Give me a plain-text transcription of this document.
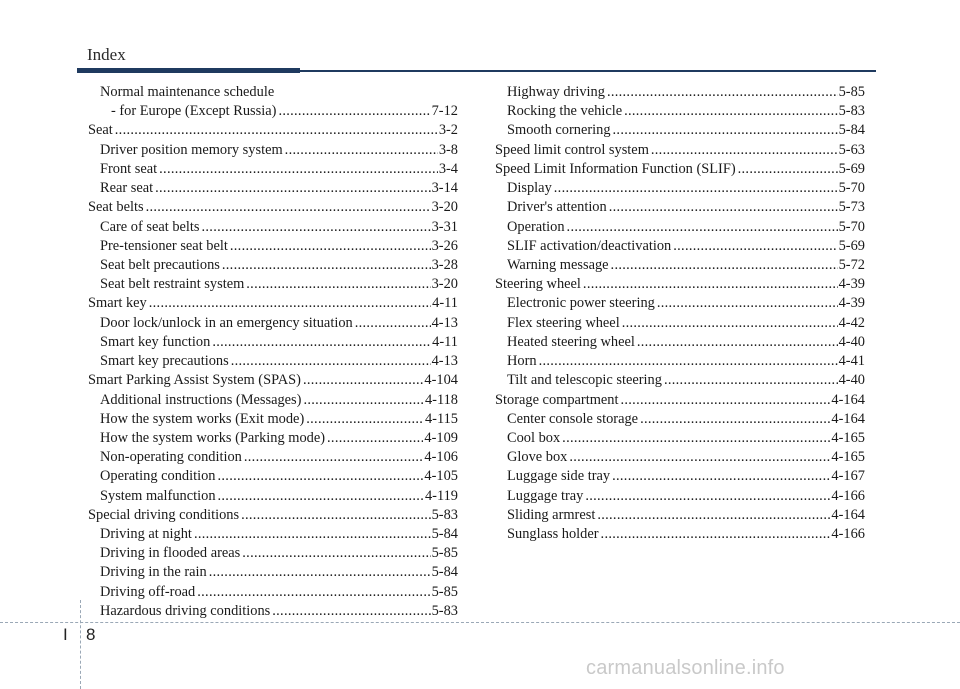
Index
Normal maintenance schedule
- for Europe (Except Russia) .....	7-12
Seat .....	3-2
Driver position memory system .....	3-8
Front seat .....	3-4
Rear seat .....	3-14
Seat belts .....	3-20
Care of seat belts .....	3-31
Pre-tensioner seat belt .....	3-26
Seat belt precautions .....	3-28
Seat belt restraint system .....	3-20
Smart key .....	4-11
Door lock/unlock in an emergency situation .....	4-13
Smart key function .....	4-11
Smart key precautions .....	4-13
Smart Parking Assist System (SPAS) .....	4-104
Additional instructions (Messages) .....	4-118
How the system works (Exit mode) .....	4-115
How the system works (Parking mode) .....	4-109
Non-operating condition .....	4-106
Operating condition .....	4-105
System malfunction .....	4-119
Special driving conditions .....	5-83
Driving at night .....	5-84
Driving in flooded areas .....	5-85
Driving in the rain .....	5-84
Driving off-road .....	5-85
Hazardous driving conditions .....	5-83
Highway driving .....	5-85
Rocking the vehicle .....	5-83
Smooth cornering .....	5-84
Speed limit control system .....	5-63
Speed Limit Information Function (SLIF) .....	5-69
Display .....	5-70
Driver's attention .....	5-73
Operation .....	5-70
SLIF activation/deactivation .....	5-69
Warning message .....	5-72
Steering wheel .....	4-39
Electronic power steering .....	4-39
Flex steering wheel .....	4-42
Heated steering wheel .....	4-40
Horn .....	4-41
Tilt and telescopic steering .....	4-40
Storage compartment .....	4-164
Center console storage .....	4-164
Cool box .....	4-165
Glove box .....	4-165
Luggage side tray .....	4-167
Luggage tray .....	4-166
Sliding armrest .....	4-164
Sunglass holder .....	4-166
I 8
carmanualsonline.info
